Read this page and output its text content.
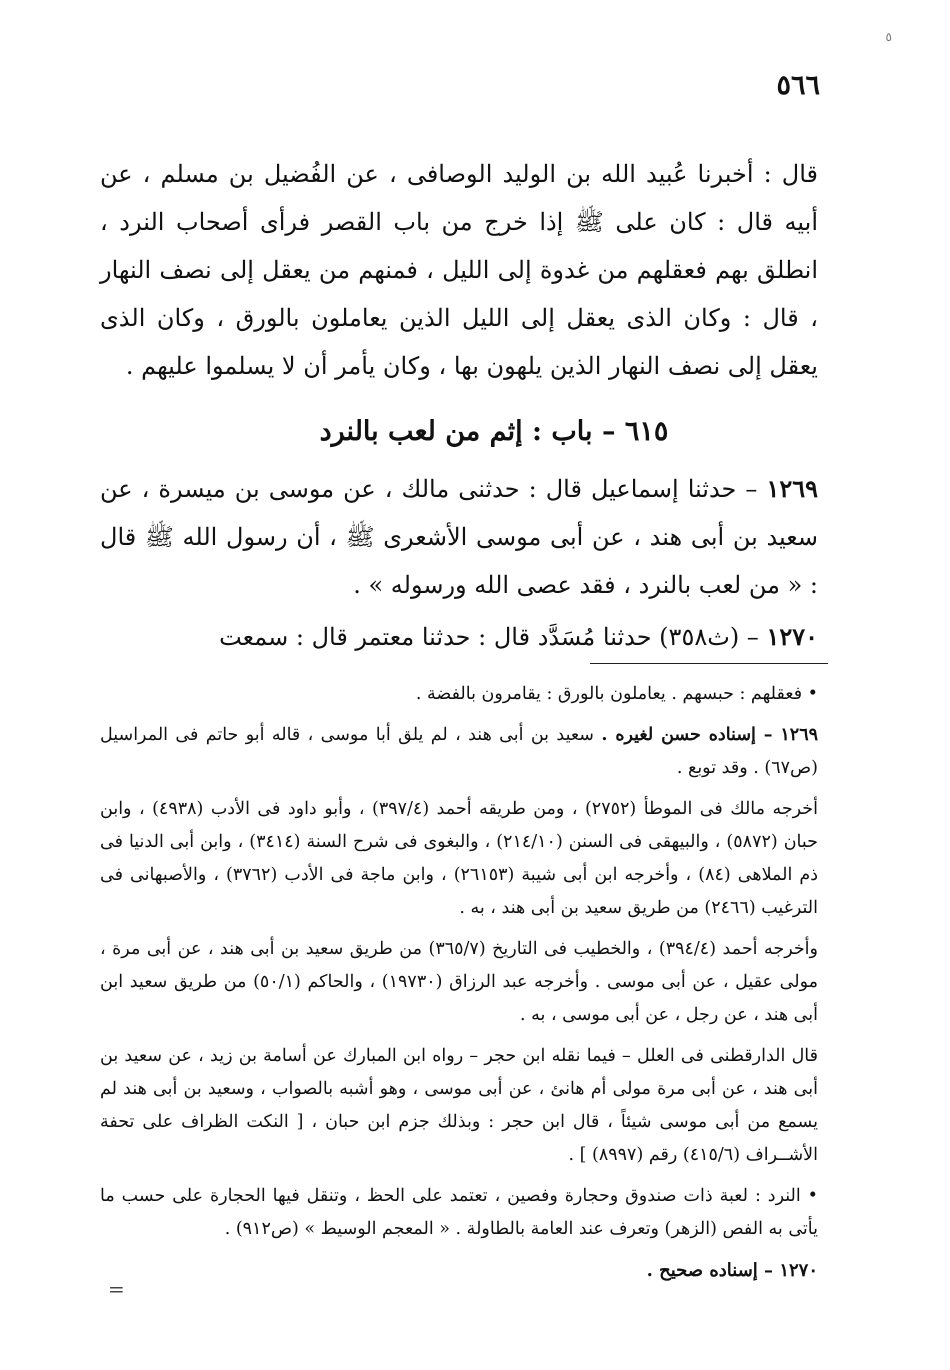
٥
٥٦٦

قال : أخبرنا عُبيد الله بن الوليد الوصافى ، عن الفُضيل بن مسلم ، عن أبيه قال : كان على ﷺ إذا خرج من باب القصر فرأى أصحاب النرد ، انطلق بهم فعقلهم من غدوة إلى الليل ، فمنهم من يعقل إلى نصف النهار ، قال : وكان الذى يعقل إلى الليل الذين يعاملون بالورق ، وكان الذى يعقل إلى نصف النهار الذين يلهون بها ، وكان يأمر أن لا يسلموا عليهم .

٦١٥ – باب : إثم من لعب بالنرد

١٢٦٩ – حدثنا إسماعيل قال : حدثنى مالك ، عن موسى بن ميسرة ، عن سعيد بن أبى هند ، عن أبى موسى الأشعرى ﷺ ، أن رسول الله ﷺ قال : « من لعب بالنرد ، فقد عصى الله ورسوله » .

١٢٧٠ – (ث٣٥٨) حدثنا مُسَدَّد قال : حدثنا معتمر قال : سمعت

• فعقلهم : حبسهم . يعاملون بالورق : يقامرون بالفضة .

١٢٦٩ – إسناده حسن لغيره . سعيد بن أبى هند ، لم يلق أبا موسى ، قاله أبو حاتم فى المراسيل (ص٦٧) . وقد توبع .

أخرجه مالك فى الموطأ (٢٧٥٢) ، ومن طريقه أحمد (٣٩٧/٤) ، وأبو داود فى الأدب (٤٩٣٨) ، وابن حبان (٥٨٧٢) ، والبيهقى فى السنن (٢١٤/١٠) ، والبغوى فى شرح السنة (٣٤١٤) ، وابن أبى الدنيا فى ذم الملاهى (٨٤) ، وأخرجه ابن أبى شيبة (٢٦١٥٣) ، وابن ماجة فى الأدب (٣٧٦٢) ، والأصبهانى فى الترغيب (٢٤٦٦) من طريق سعيد بن أبى هند ، به .

وأخرجه أحمد (٣٩٤/٤) ، والخطيب فى التاريخ (٣٦٥/٧) من طريق سعيد بن أبى هند ، عن أبى مرة ، مولى عقيل ، عن أبى موسى . وأخرجه عبد الرزاق (١٩٧٣٠) ، والحاكم (٥٠/١) من طريق سعيد ابن أبى هند ، عن رجل ، عن أبى موسى ، به .

قال الدارقطنى فى العلل – فيما نقله ابن حجر – رواه ابن المبارك عن أسامة بن زيد ، عن سعيد بن أبى هند ، عن أبى مرة مولى أم هانئ ، عن أبى موسى ، وهو أشبه بالصواب ، وسعيد بن أبى هند لم يسمع من أبى موسى شيئاً ، قال ابن حجر : وبذلك جزم ابن حبان ، [ النكت الظراف على تحفة الأشــراف (٤١٥/٦) رقم (٨٩٩٧) ] .

• النرد : لعبة ذات صندوق وحجارة وفصين ، تعتمد على الحظ ، وتنقل فيها الحجارة على حسب ما يأتى به الفص (الزهر) وتعرف عند العامة بالطاولة . « المعجم الوسيط » (ص٩١٢) .

١٢٧٠ – إسناده صحيح .

=
